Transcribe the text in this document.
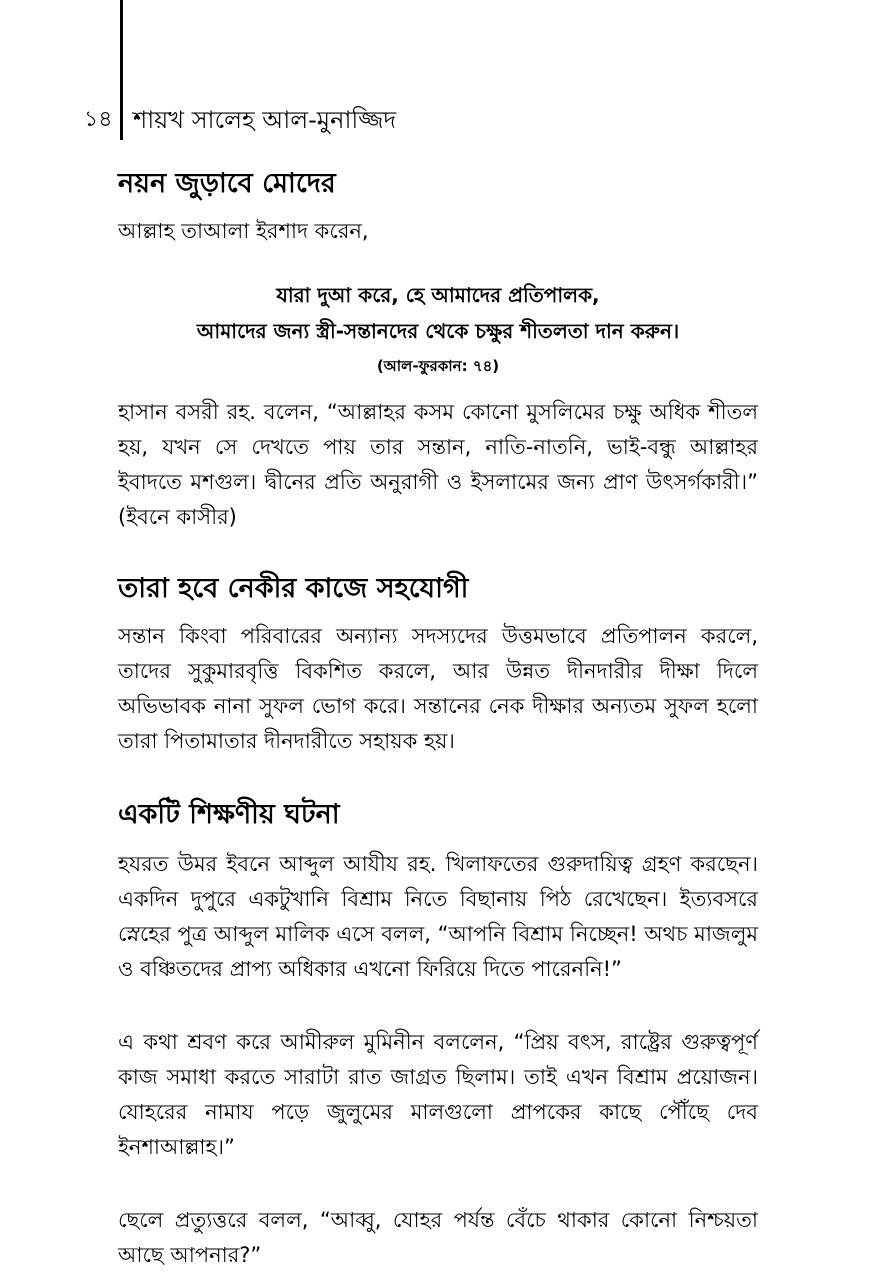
১৪ শায়খ সালেহ আল-মুনাজ্জিদ
নয়ন জুড়াবে মোদের

আল্লাহ তাআলা ইরশাদ করেন,

যারা দুআ করে, হে আমাদের প্রতিপালক,
আমাদের জন্য স্ত্রী-সন্তানদের থেকে চক্ষুর শীতলতা দান করুন।
(আল-ফুরকান: ৭৪)

হাসান বসরী রহ. বলেন, “আল্লাহর কসম কোনো মুসলিমের চক্ষু অধিক শীতল হয়, যখন সে দেখতে পায় তার সন্তান, নাতি-নাতনি, ভাই-বন্ধু আল্লাহর ইবাদতে মশগুল। দ্বীনের প্রতি অনুরাগী ও ইসলামের জন্য প্রাণ উৎসর্গকারী।” (ইবনে কাসীর)

তারা হবে নেকীর কাজে সহযোগী

সন্তান কিংবা পরিবারের অন্যান্য সদস্যদের উত্তমভাবে প্রতিপালন করলে, তাদের সুকুমারবৃত্তি বিকশিত করলে, আর উন্নত দীনদারীর দীক্ষা দিলে অভিভাবক নানা সুফল ভোগ করে। সন্তানের নেক দীক্ষার অন্যতম সুফল হলো তারা পিতামাতার দীনদারীতে সহায়ক হয়।

একটি শিক্ষণীয় ঘটনা

হযরত উমর ইবনে আব্দুল আযীয রহ. খিলাফতের গুরুদায়িত্ব গ্রহণ করছেন। একদিন দুপুরে একটুখানি বিশ্রাম নিতে বিছানায় পিঠ রেখেছেন। ইত্যবসরে স্নেহের পুত্র আব্দুল মালিক এসে বলল, “আপনি বিশ্রাম নিচ্ছেন! অথচ মাজলুম ও বঞ্চিতদের প্রাপ্য অধিকার এখনো ফিরিয়ে দিতে পারেননি!”

এ কথা শ্রবণ করে আমীরুল মুমিনীন বললেন, “প্রিয় বৎস, রাষ্ট্রের গুরুত্বপূর্ণ কাজ সমাধা করতে সারাটা রাত জাগ্রত ছিলাম। তাই এখন বিশ্রাম প্রয়োজন। যোহরের নামায পড়ে জুলুমের মালগুলো প্রাপকের কাছে পৌঁছে দেব ইনশাআল্লাহ।”

ছেলে প্রত্যুত্তরে বলল, “আব্বু, যোহর পর্যন্ত বেঁচে থাকার কোনো নিশ্চয়তা আছে আপনার?”
